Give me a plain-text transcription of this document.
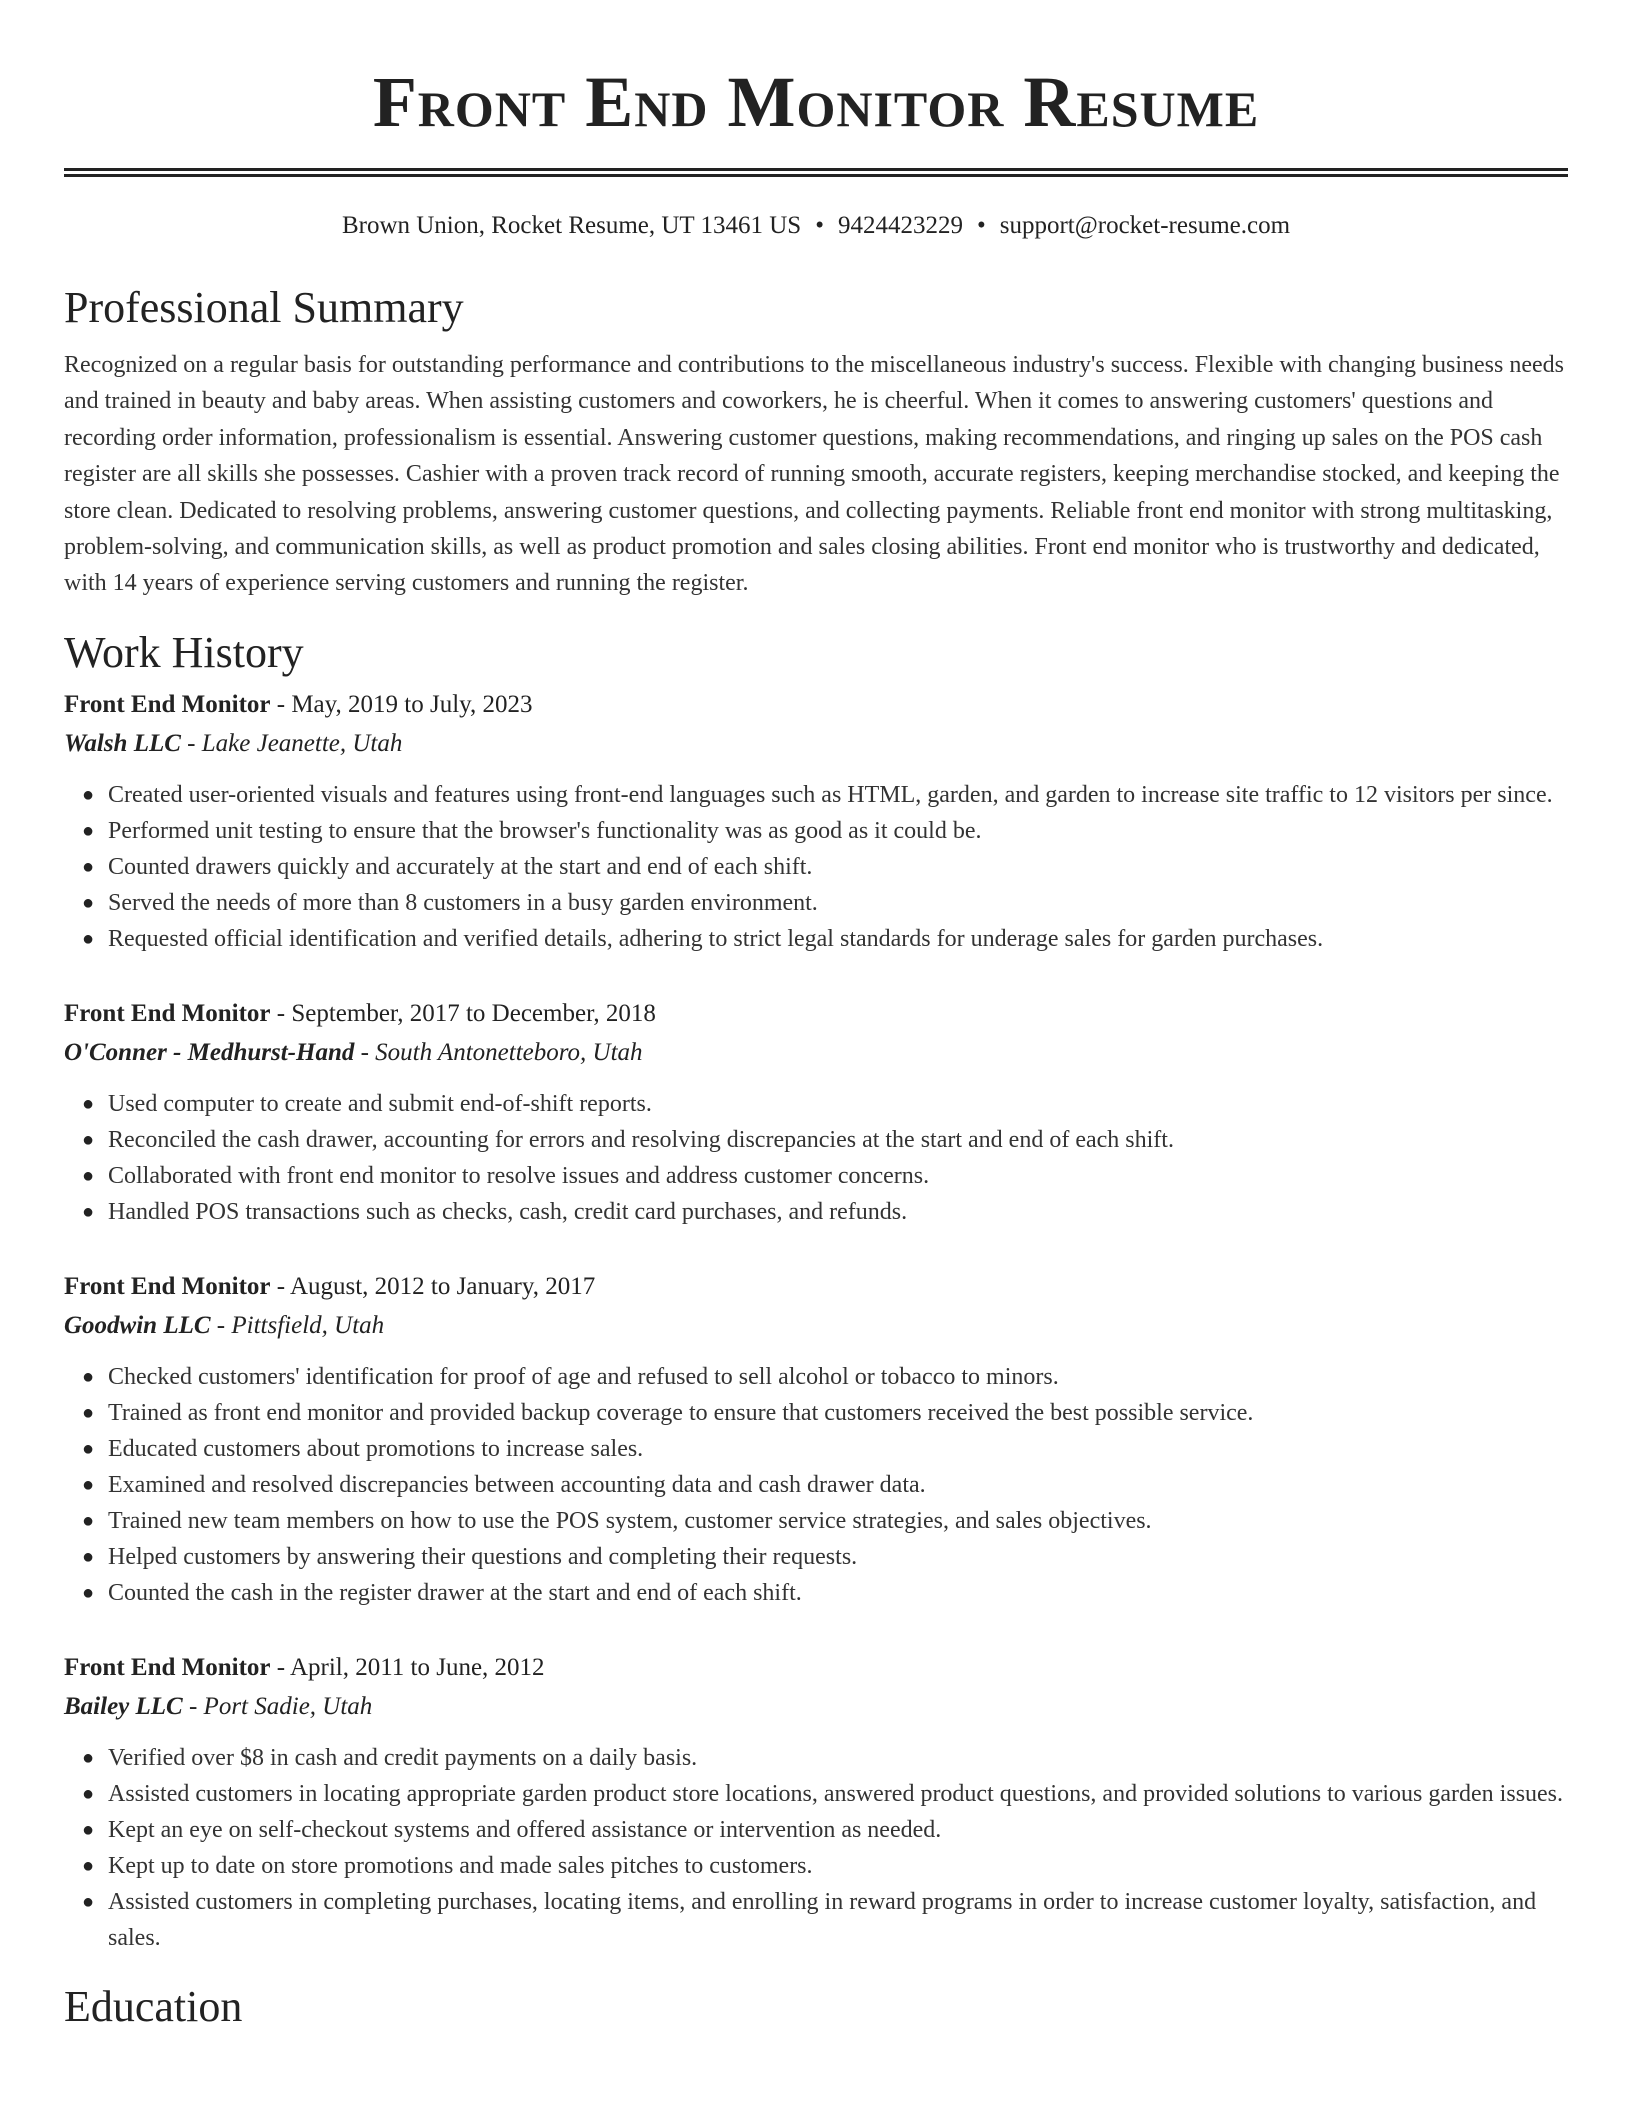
Front End Monitor Resume
Brown Union, Rocket Resume, UT 13461 US • 9424423229 • support@rocket-resume.com
Professional Summary

Recognized on a regular basis for outstanding performance and contributions to the miscellaneous industry's success. Flexible with changing business needs and trained in beauty and baby areas. When assisting customers and coworkers, he is cheerful. When it comes to answering customers' questions and recording order information, professionalism is essential. Answering customer questions, making recommendations, and ringing up sales on the POS cash register are all skills she possesses. Cashier with a proven track record of running smooth, accurate registers, keeping merchandise stocked, and keeping the store clean. Dedicated to resolving problems, answering customer questions, and collecting payments. Reliable front end monitor with strong multitasking, problem-solving, and communication skills, as well as product promotion and sales closing abilities. Front end monitor who is trustworthy and dedicated, with 14 years of experience serving customers and running the register.

Work History
Front End Monitor - May, 2019 to July, 2023
Walsh LLC - Lake Jeanette, Utah
● Created user-oriented visuals and features using front-end languages such as HTML, garden, and garden to increase site traffic to 12 visitors per since.
● Performed unit testing to ensure that the browser's functionality was as good as it could be.
● Counted drawers quickly and accurately at the start and end of each shift.
● Served the needs of more than 8 customers in a busy garden environment.
● Requested official identification and verified details, adhering to strict legal standards for underage sales for garden purchases.
Front End Monitor - September, 2017 to December, 2018
O'Conner - Medhurst-Hand - South Antonetteboro, Utah
● Used computer to create and submit end-of-shift reports.
● Reconciled the cash drawer, accounting for errors and resolving discrepancies at the start and end of each shift.
● Collaborated with front end monitor to resolve issues and address customer concerns.
● Handled POS transactions such as checks, cash, credit card purchases, and refunds.
Front End Monitor - August, 2012 to January, 2017
Goodwin LLC - Pittsfield, Utah
● Checked customers' identification for proof of age and refused to sell alcohol or tobacco to minors.
● Trained as front end monitor and provided backup coverage to ensure that customers received the best possible service.
● Educated customers about promotions to increase sales.
● Examined and resolved discrepancies between accounting data and cash drawer data.
● Trained new team members on how to use the POS system, customer service strategies, and sales objectives.
● Helped customers by answering their questions and completing their requests.
● Counted the cash in the register drawer at the start and end of each shift.
Front End Monitor - April, 2011 to June, 2012
Bailey LLC - Port Sadie, Utah
● Verified over $8 in cash and credit payments on a daily basis.
● Assisted customers in locating appropriate garden product store locations, answered product questions, and provided solutions to various garden issues.
● Kept an eye on self-checkout systems and offered assistance or intervention as needed.
● Kept up to date on store promotions and made sales pitches to customers.
● Assisted customers in completing purchases, locating items, and enrolling in reward programs in order to increase customer loyalty, satisfaction, and sales.
Education
